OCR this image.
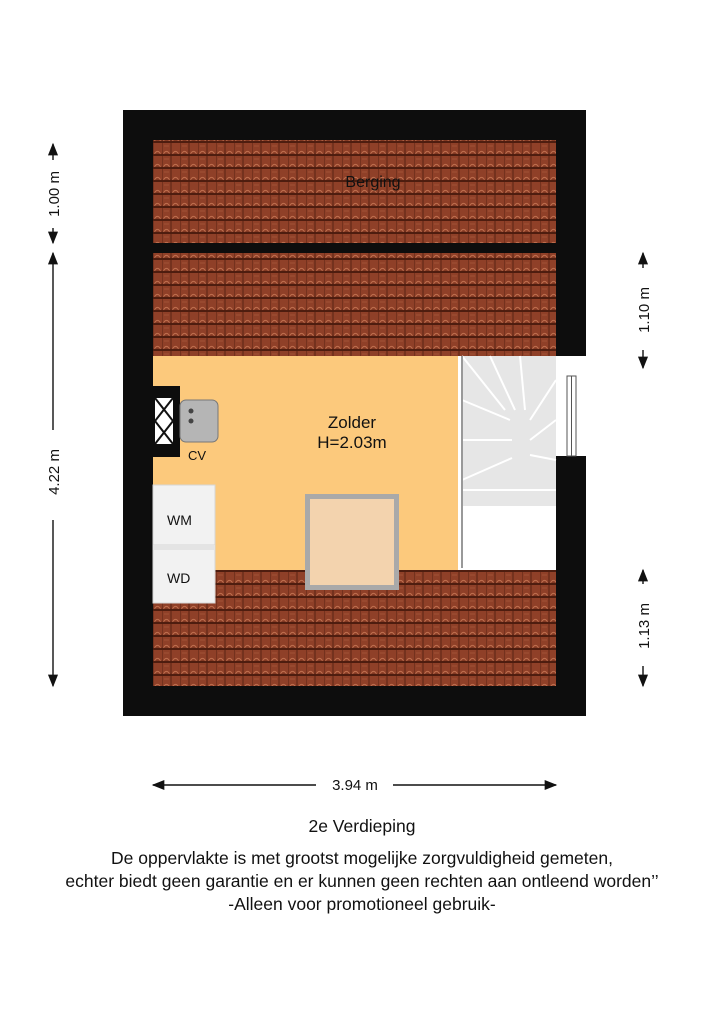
CV
WM
WD
Berging
Zolder
H=2.03m
1.00 m
4.22 m
1.10 m
1.13 m
3.94 m
2e Verdieping
De oppervlakte is met grootst mogelijke zorgvuldigheid gemeten,
echter biedt geen garantie en er kunnen geen rechten aan ontleend worden’’
-Alleen voor promotioneel gebruik-
